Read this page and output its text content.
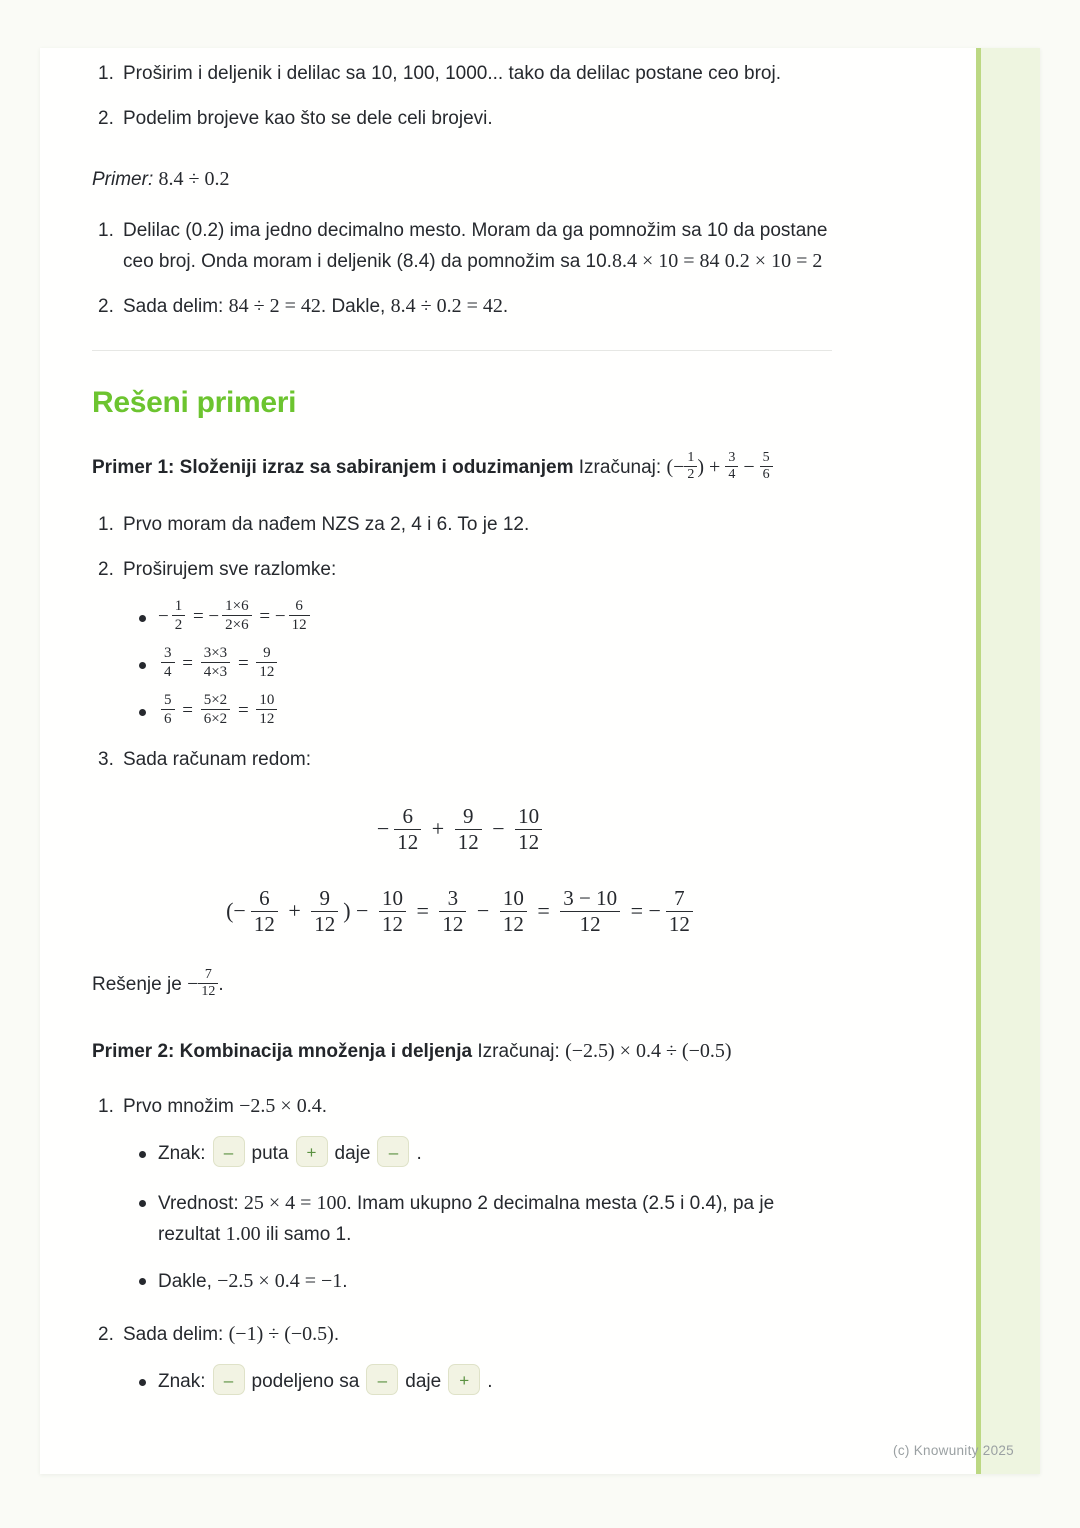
1. Proširim i deljenik i delilac sa 10, 100, 1000... tako da delilac postane ceo broj.
2. Podelim brojeve kao što se dele celi brojevi.

Primer: 8.4 ÷ 0.2

1. Delilac (0.2) ima jedno decimalno mesto. Moram da ga pomnožim sa 10 da postane ceo broj. Onda moram i deljenik (8.4) da pomnožim sa 10.8.4 × 10 = 84 0.2 × 10 = 2
2. Sada delim: 84 ÷ 2 = 42. Dakle, 8.4 ÷ 0.2 = 42.
Rešeni primeri

Primer 1: Složeniji izraz sa sabiranjem i oduzimanjem Izračunaj: (− $\frac{1}{2}$ ) + $\frac{3}{4} - \frac{5}{6}$

1. Prvo moram da nađem NZS za 2, 4 i 6. To je 12.
2. Proširujem sve razlomke:
− $\frac{1}{2}$ = − $\frac{1\times 6}{2\times 6}$ = − $\frac{6}{12}$
$\frac{3}{4} = \frac{3\times 3}{4\times 3} = \frac{9}{12}$
$\frac{5}{6} = \frac{5\times 2}{6\times 2} = \frac{10}{12}$
3. Sada računam redom:
− $\frac{6}{12} + \frac{9}{12} - \frac{10}{12}$
(− $\frac{6}{12} + \frac{9}{12}$ ) − $\frac{10}{12} = \frac{3}{12} - \frac{10}{12} = \frac{3 - 10}{12}$ = − $\frac{7}{12}$

Rešenje je − $\frac{7}{12}$ .

Primer 2: Kombinacija množenja i deljenja Izračunaj: (−2.5) × 0.4 ÷ (−0.5)

1. Prvo množim −2.5 × 0.4.
Znak: – puta + daje – .
Vrednost: 25 × 4 = 100. Imam ukupno 2 decimalna mesta (2.5 i 0.4), pa je rezultat 1.00 ili samo 1.
Dakle, −2.5 × 0.4 = −1.
2. Sada delim: (−1) ÷ (−0.5).
Znak: – podeljeno sa – daje + .
(c) Knowunity 2025
